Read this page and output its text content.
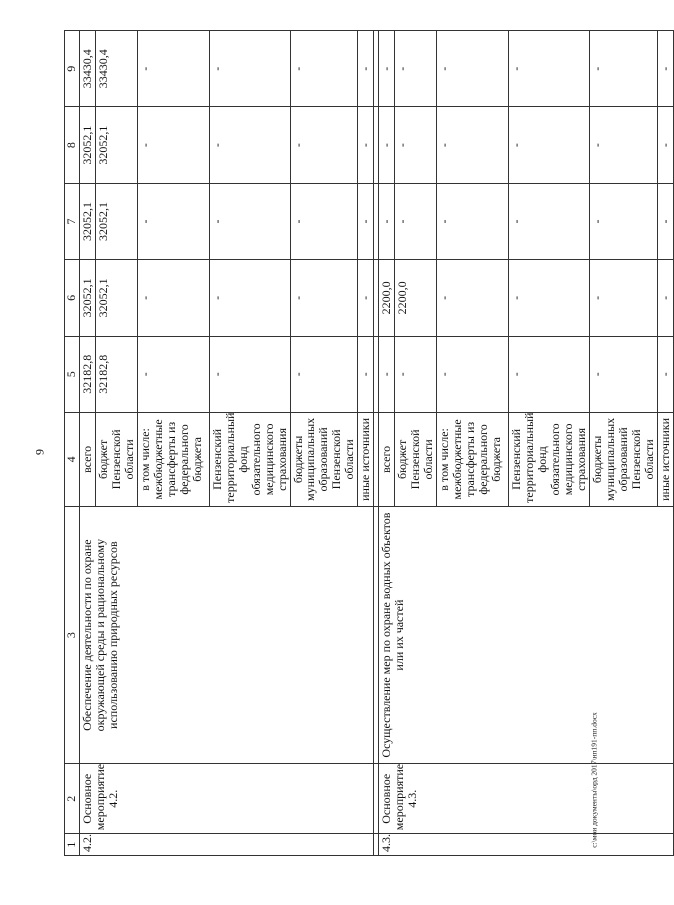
9
c:\мои документы\орд 2017\нп191-пп.docx
1	2	3	4	5	6	7	8	9
4.2.	Основное мероприятие 4.2.	Обеспечение деятельности по охране окружающей среды и рациональному использованию природных ресурсов	всего	32182,8	32052,1	32052,1	32052,1	33430,4
			бюджет Пензенской области	32182,8	32052,1	32052,1	32052,1	33430,4
			в том числе: межбюджетные трансферты из федерального бюджета	-	-	-	-	-
			Пензенский территориальный фонд обязательного медицинского страхования	-	-	-	-	-
			бюджеты муниципальных образований Пензенской области	-	-	-	-	-
			иные источники	-	-	-	-	-

4.3.	Основное мероприятие 4.3.	Осуществление мер по охране водных объектов или их частей	всего	-	2200,0	-	-	-
			бюджет Пензенской области	-	2200,0	-	-	-
			в том числе: межбюджетные трансферты из федерального бюджета	-	-	-	-	-
			Пензенский территориальный фонд обязательного медицинского страхования	-	-	-	-	-
			бюджеты муниципальных образований Пензенской области	-	-	-	-	-
			иные источники	-	-	-	-	-
